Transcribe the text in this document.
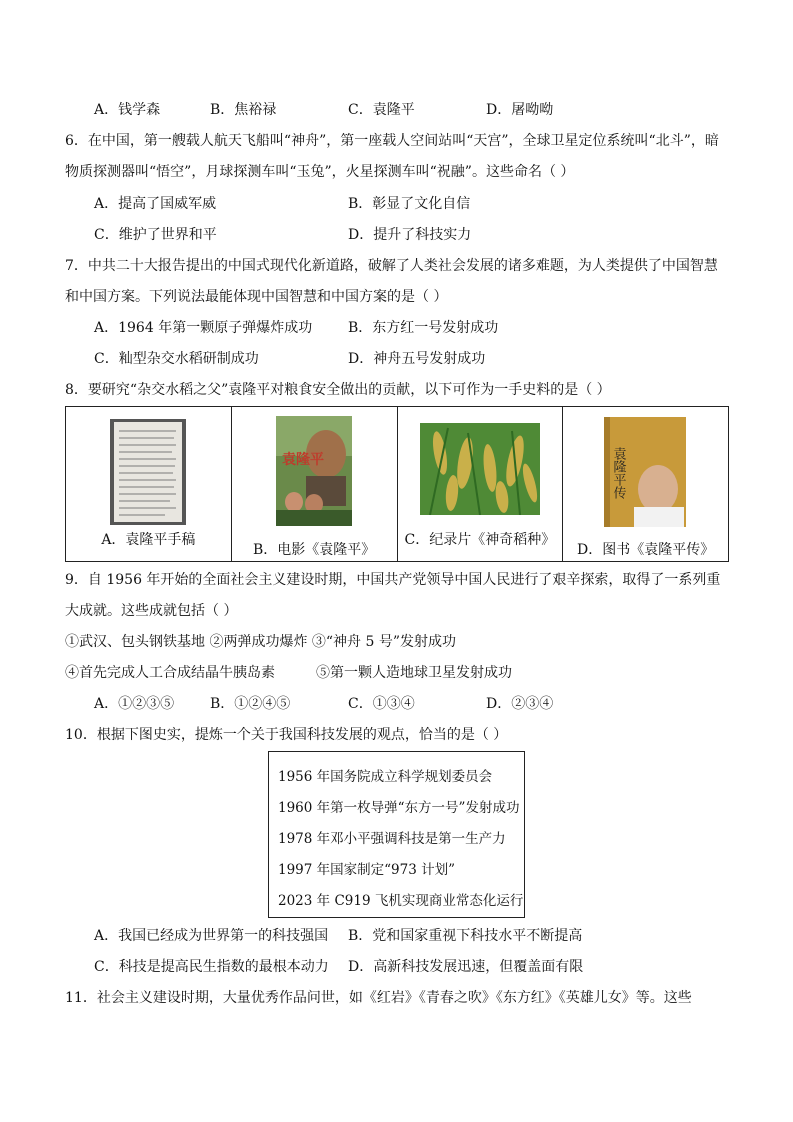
A．钱学森	B．焦裕禄	C．袁隆平	D．屠呦呦
6．在中国，第一艘载人航天飞船叫“神舟”，第一座载人空间站叫“天宫”，全球卫星定位系统叫“北斗”，暗
物质探测器叫“悟空”，月球探测车叫“玉兔”，火星探测车叫“祝融”。这些命名（ ）
A．提高了国威军威	B．彰显了文化自信
C．维护了世界和平	D．提升了科技实力
7．中共二十大报告提出的中国式现代化新道路，破解了人类社会发展的诸多难题，为人类提供了中国智慧
和中国方案。下列说法最能体现中国智慧和中国方案的是（ ）
A．1964 年第一颗原子弹爆炸成功	B．东方红一号发射成功
C．籼型杂交水稻研制成功	D．神舟五号发射成功
8．要研究“杂交水稻之父”袁隆平对粮食安全做出的贡献，以下可作为一手史料的是（ ）
A．袁隆平手稿
袁隆平
B．电影《袁隆平》
C．纪录片《神奇稻种》
袁隆平传
D．图书《袁隆平传》
9．自 1956 年开始的全面社会主义建设时期，中国共产党领导中国人民进行了艰辛探索，取得了一系列重
大成就。这些成就包括（ ）
①武汉、包头钢铁基地 ②两弹成功爆炸 ③“神舟 5 号”发射成功
④首先完成人工合成结晶牛胰岛素	⑤第一颗人造地球卫星发射成功
A．①②③⑤	B．①②④⑤	C．①③④	D．②③④
10．根据下图史实，提炼一个关于我国科技发展的观点，恰当的是（ ）
1956 年国务院成立科学规划委员会
1960 年第一枚导弹“东方一号”发射成功
1978 年邓小平强调科技是第一生产力
1997 年国家制定“973 计划”
2023 年 C919 飞机实现商业常态化运行
A．我国已经成为世界第一的科技强国 B．党和国家重视下科技水平不断提高
C．科技是提高民生指数的最根本动力 D．高新科技发展迅速，但覆盖面有限
11．社会主义建设时期，大量优秀作品问世，如《红岩》《青春之吹》《东方红》《英雄儿女》等。这些
